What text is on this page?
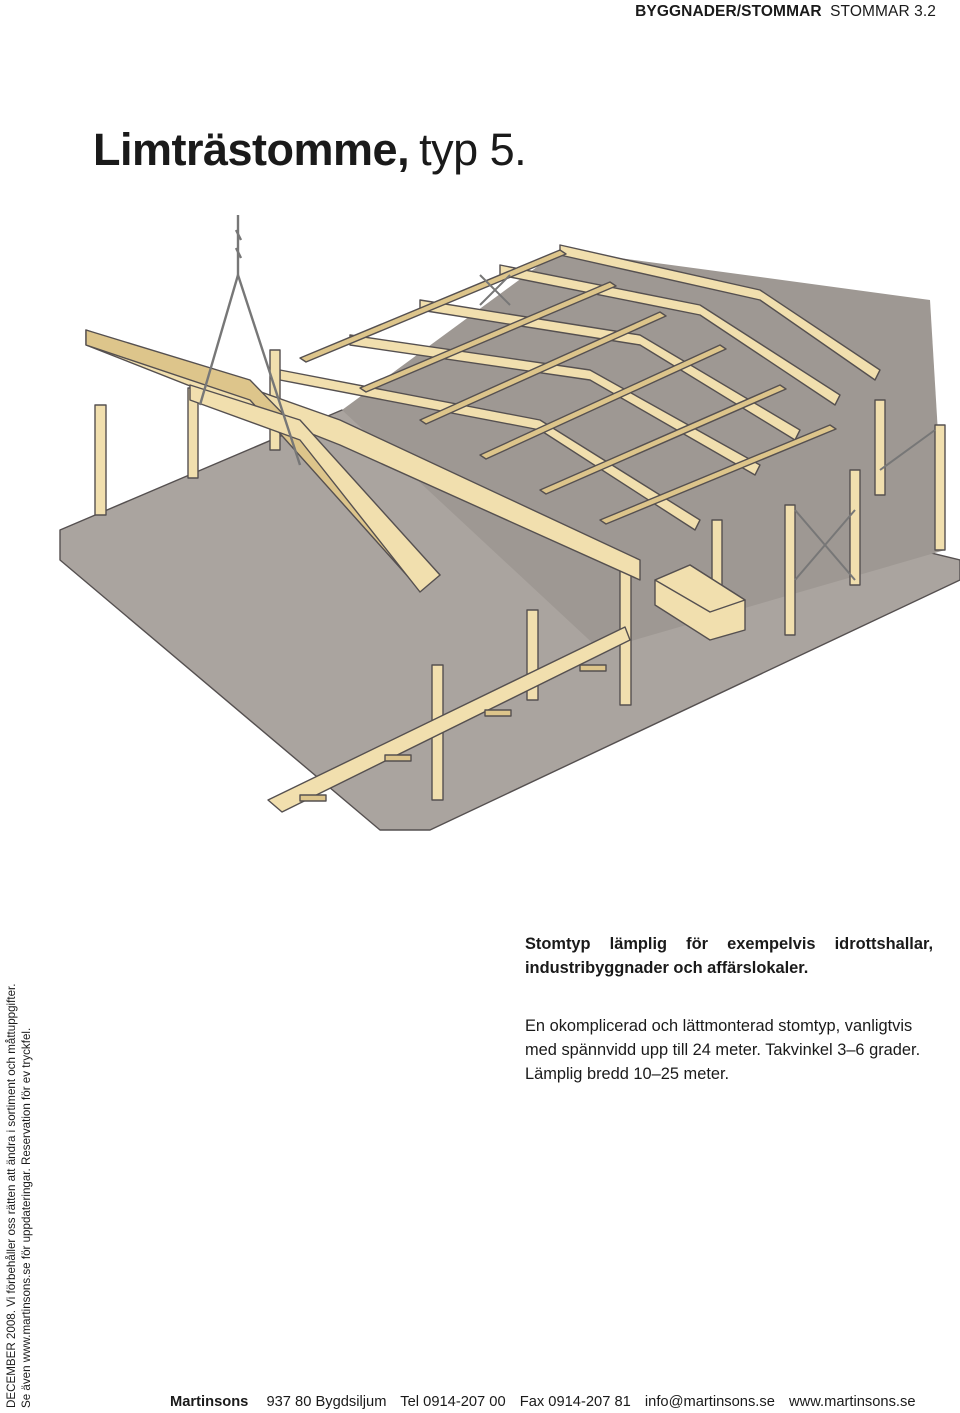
BYGGNADER/STOMMAR STOMMAR 3.2
Limträstomme, typ 5.
Stomtyp lämplig för exempelvis idrottshallar, industribyggnader och affärslokaler.
En okomplicerad och lättmonterad stomtyp, vanligtvis med spännvidd upp till 24 meter. Takvinkel 3–6 grader. Lämplig bredd 10–25 meter.
DECEMBER 2008. Vi förbehåller oss rätten att ändra i sortiment och måttuppgifter. Se även www.martinsons.se för uppdateringar. Reservation för ev tryckfel.	Martinsons 937 80 Bygdsiljum Tel 0914-207 00 Fax 0914-207 81 info@martinsons.se www.martinsons.se
